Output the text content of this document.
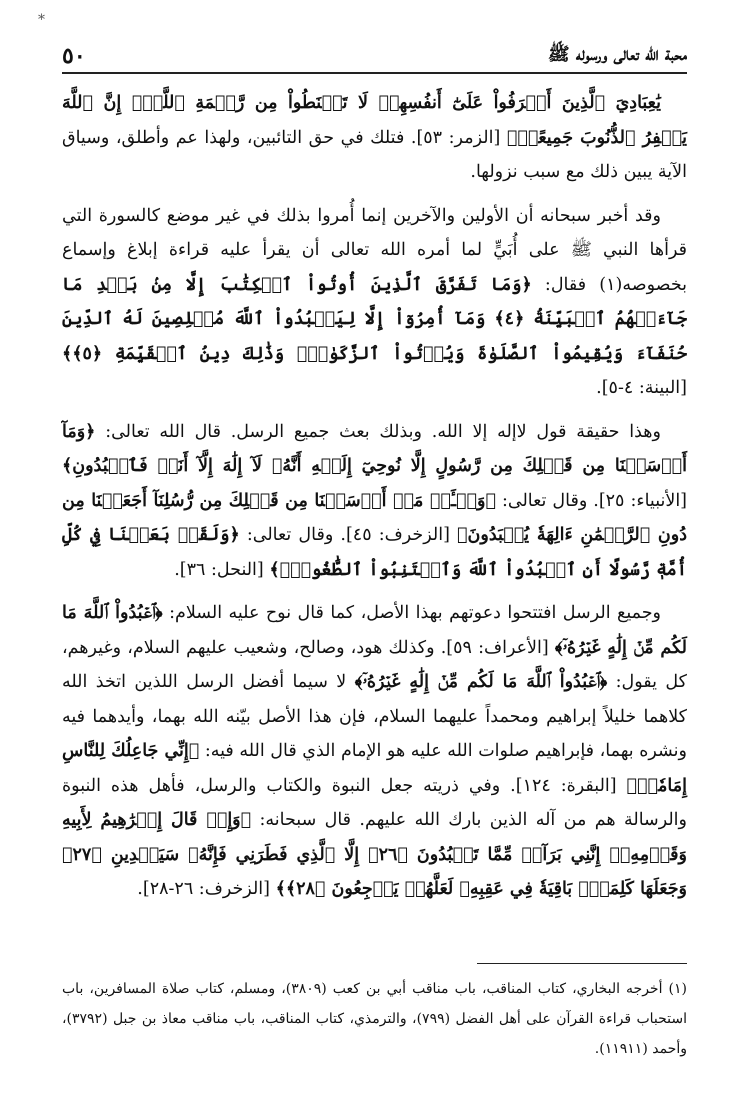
*
محبة الله تعالى ورسوله ﷺ
٥٠

يَٰعِبَادِيَ ٱلَّذِينَ أَسۡرَفُواْ عَلَىٰٓ أَنفُسِهِمۡ لَا تَقۡنَطُواْ مِن رَّحۡمَةِ ٱللَّهِۚ إِنَّ ٱللَّهَ يَغۡفِرُ ٱلذُّنُوبَ جَمِيعًاۚ﴾ [الزمر: ٥٣]. فتلك في حق التائبين، ولهذا عم وأطلق، وسياق الآية يبين ذلك مع سبب نزولها.

وقد أخبر سبحانه أن الأولين والآخرين إنما أُمروا بذلك في غير موضع كالسورة التي قرأها النبي ﷺ على أُبَيٍّ لما أمره الله تعالى أن يقرأ عليه قراءة إبلاغ وإسماع بخصوصه(١) فقال: ﴿وَمَا تَفَرَّقَ ٱلَّذِينَ أُوتُواْ ٱلۡكِتَٰبَ إِلَّا مِنۢ بَعۡدِ مَا جَآءَتۡهُمُ ٱلۡبَيِّنَةُ ﴿٤﴾ وَمَآ أُمِرُوٓاْ إِلَّا لِيَعۡبُدُواْ ٱللَّهَ مُخۡلِصِينَ لَهُ ٱلدِّينَ حُنَفَآءَ وَيُقِيمُواْ ٱلصَّلَوٰةَ وَيُؤۡتُواْ ٱلزَّكَوٰةَۚ وَذَٰلِكَ دِينُ ٱلۡقَيِّمَةِ ﴿٥﴾﴾ [البينة: ٤-٥].

وهذا حقيقة قول لاإله إلا الله. وبذلك بعث جميع الرسل. قال الله تعالى: ﴿وَمَآ أَرۡسَلۡنَا مِن قَبۡلِكَ مِن رَّسُولٍ إِلَّا نُوحِيٓ إِلَيۡهِ أَنَّهُۥ لَآ إِلَٰهَ إِلَّآ أَنَا۠ فَٱعۡبُدُونِ﴾ [الأنبياء: ٢٥]. وقال تعالى: ﴿وَسۡـَٔلۡ مَنۡ أَرۡسَلۡنَا مِن قَبۡلِكَ مِن رُّسُلِنَآ أَجَعَلۡنَا مِن دُونِ ٱلرَّحۡمَٰنِ ءَالِهَةٗ يُعۡبَدُونَ﴾ [الزخرف: ٤٥]. وقال تعالى: ﴿وَلَقَدۡ بَعَثۡنَا فِي كُلِّ أُمَّةٖ رَّسُولًا أَنِ ٱعۡبُدُواْ ٱللَّهَ وَٱجۡتَنِبُواْ ٱلطَّٰغُوتَۖ﴾ [النحل: ٣٦].

وجميع الرسل افتتحوا دعوتهم بهذا الأصل، كما قال نوح عليه السلام: ﴿ٱعۡبُدُواْ ٱللَّهَ مَا لَكُم مِّنۡ إِلَٰهٍ غَيۡرُهُۥٓ﴾ [الأعراف: ٥٩]. وكذلك هود، وصالح، وشعيب عليهم السلام، وغيرهم، كل يقول: ﴿ٱعۡبُدُواْ ٱللَّهَ مَا لَكُم مِّنۡ إِلَٰهٍ غَيۡرُهُۥٓ﴾ لا سيما أفضل الرسل اللذين اتخذ الله كلاهما خليلاً إبراهيم ومحمداً عليهما السلام، فإن هذا الأصل بيّنه الله بهما، وأيدهما فيه ونشره بهما، فإبراهيم صلوات الله عليه هو الإمام الذي قال الله فيه: ﴿إِنِّي جَاعِلُكَ لِلنَّاسِ إِمَامٗاۖ﴾ [البقرة: ١٢٤]. وفي ذريته جعل النبوة والكتاب والرسل، فأهل هذه النبوة والرسالة هم من آله الذين بارك الله عليهم. قال سبحانه: ﴿وَإِذۡ قَالَ إِبۡرَٰهِيمُ لِأَبِيهِ وَقَوۡمِهِۦٓ إِنَّنِي بَرَآءٞ مِّمَّا تَعۡبُدُونَ ﴿٢٦﴾ إِلَّا ٱلَّذِي فَطَرَنِي فَإِنَّهُۥ سَيَهۡدِينِ ﴿٢٧﴾ وَجَعَلَهَا كَلِمَةَۢ بَاقِيَةٗ فِي عَقِبِهِۦ لَعَلَّهُمۡ يَرۡجِعُونَ ﴿٢٨﴾﴾ [الزخرف: ٢٦-٢٨].

(١) أخرجه البخاري، كتاب المناقب، باب مناقب أبي بن كعب (٣٨٠٩)، ومسلم، كتاب صلاة المسافرين، باب استحباب قراءة القرآن على أهل الفضل (٧٩٩)، والترمذي، كتاب المناقب، باب مناقب معاذ بن جبل (٣٧٩٢)، وأحمد (١١٩١١).
